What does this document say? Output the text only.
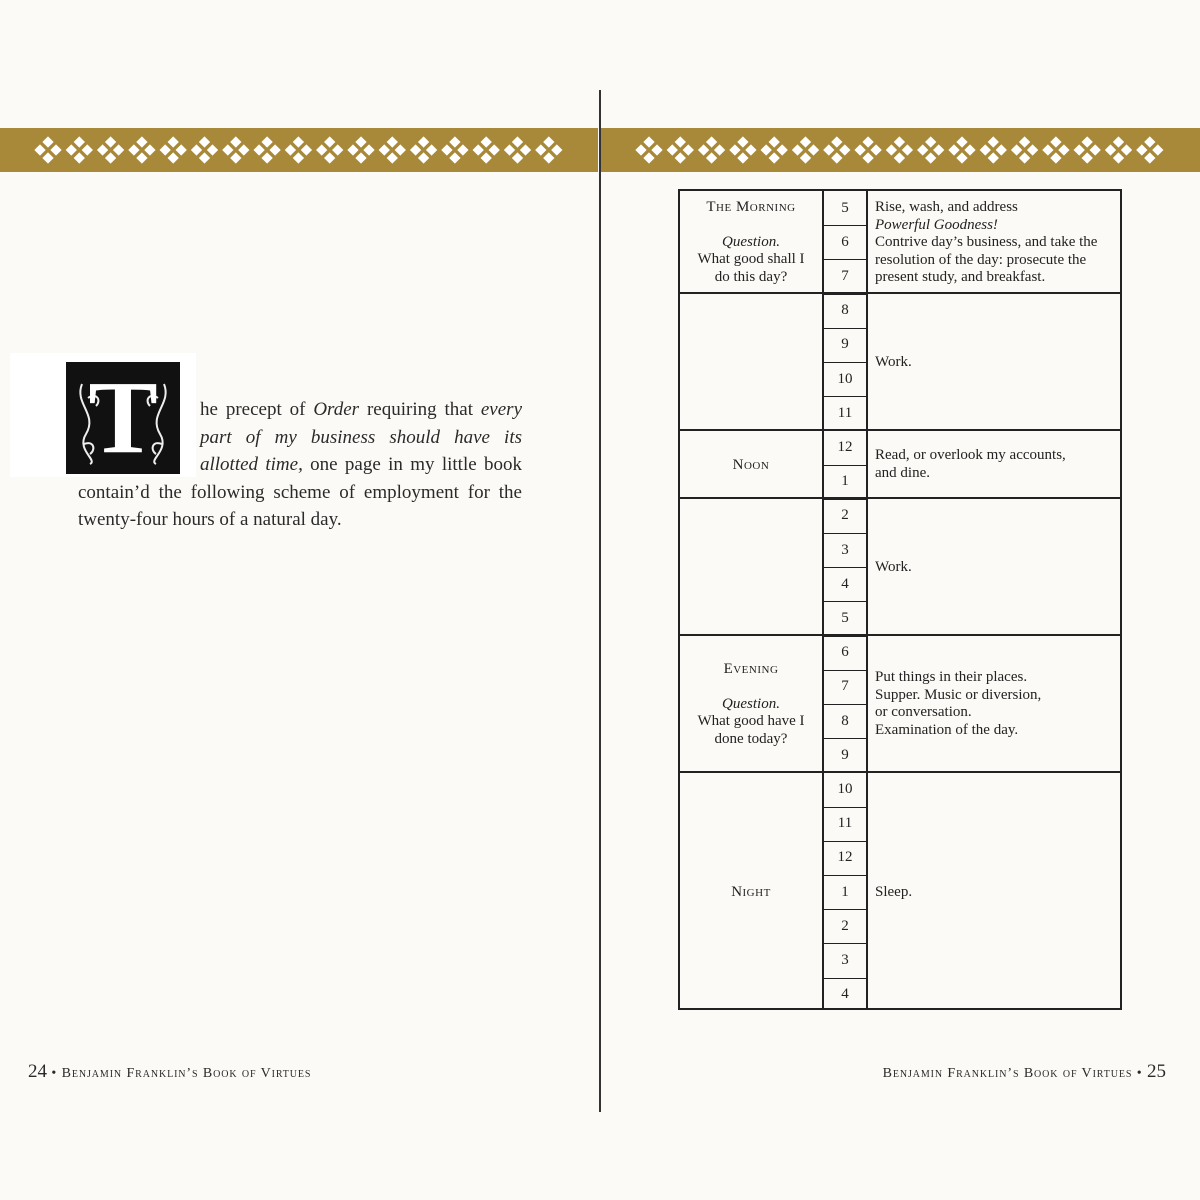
T	he precept of Order requiring that every
part of my business should have its
allotted time, one page in my little book
contain’d the following scheme of employment for the
twenty-four hours of a natural day.
24 • Benjamin Franklin’s Book of Virtues
5
6
7
8
9
10
11
12
1
2
3
4
5
6
7
8
9
10
11
12
1
2
3
4
The Morning
Question.
What good shall I
do this day?
Rise, wash, and address
Powerful Goodness!
Contrive day’s business, and take the
resolution of the day: prosecute the
present study, and breakfast.
Work.
Noon
Read, or overlook my accounts,
and dine.
Work.
Evening
Question.
What good have I
done today?
Put things in their places.
Supper. Music or diversion,
or conversation.
Examination of the day.
Night	Sleep.
Benjamin Franklin’s Book of Virtues • 25
